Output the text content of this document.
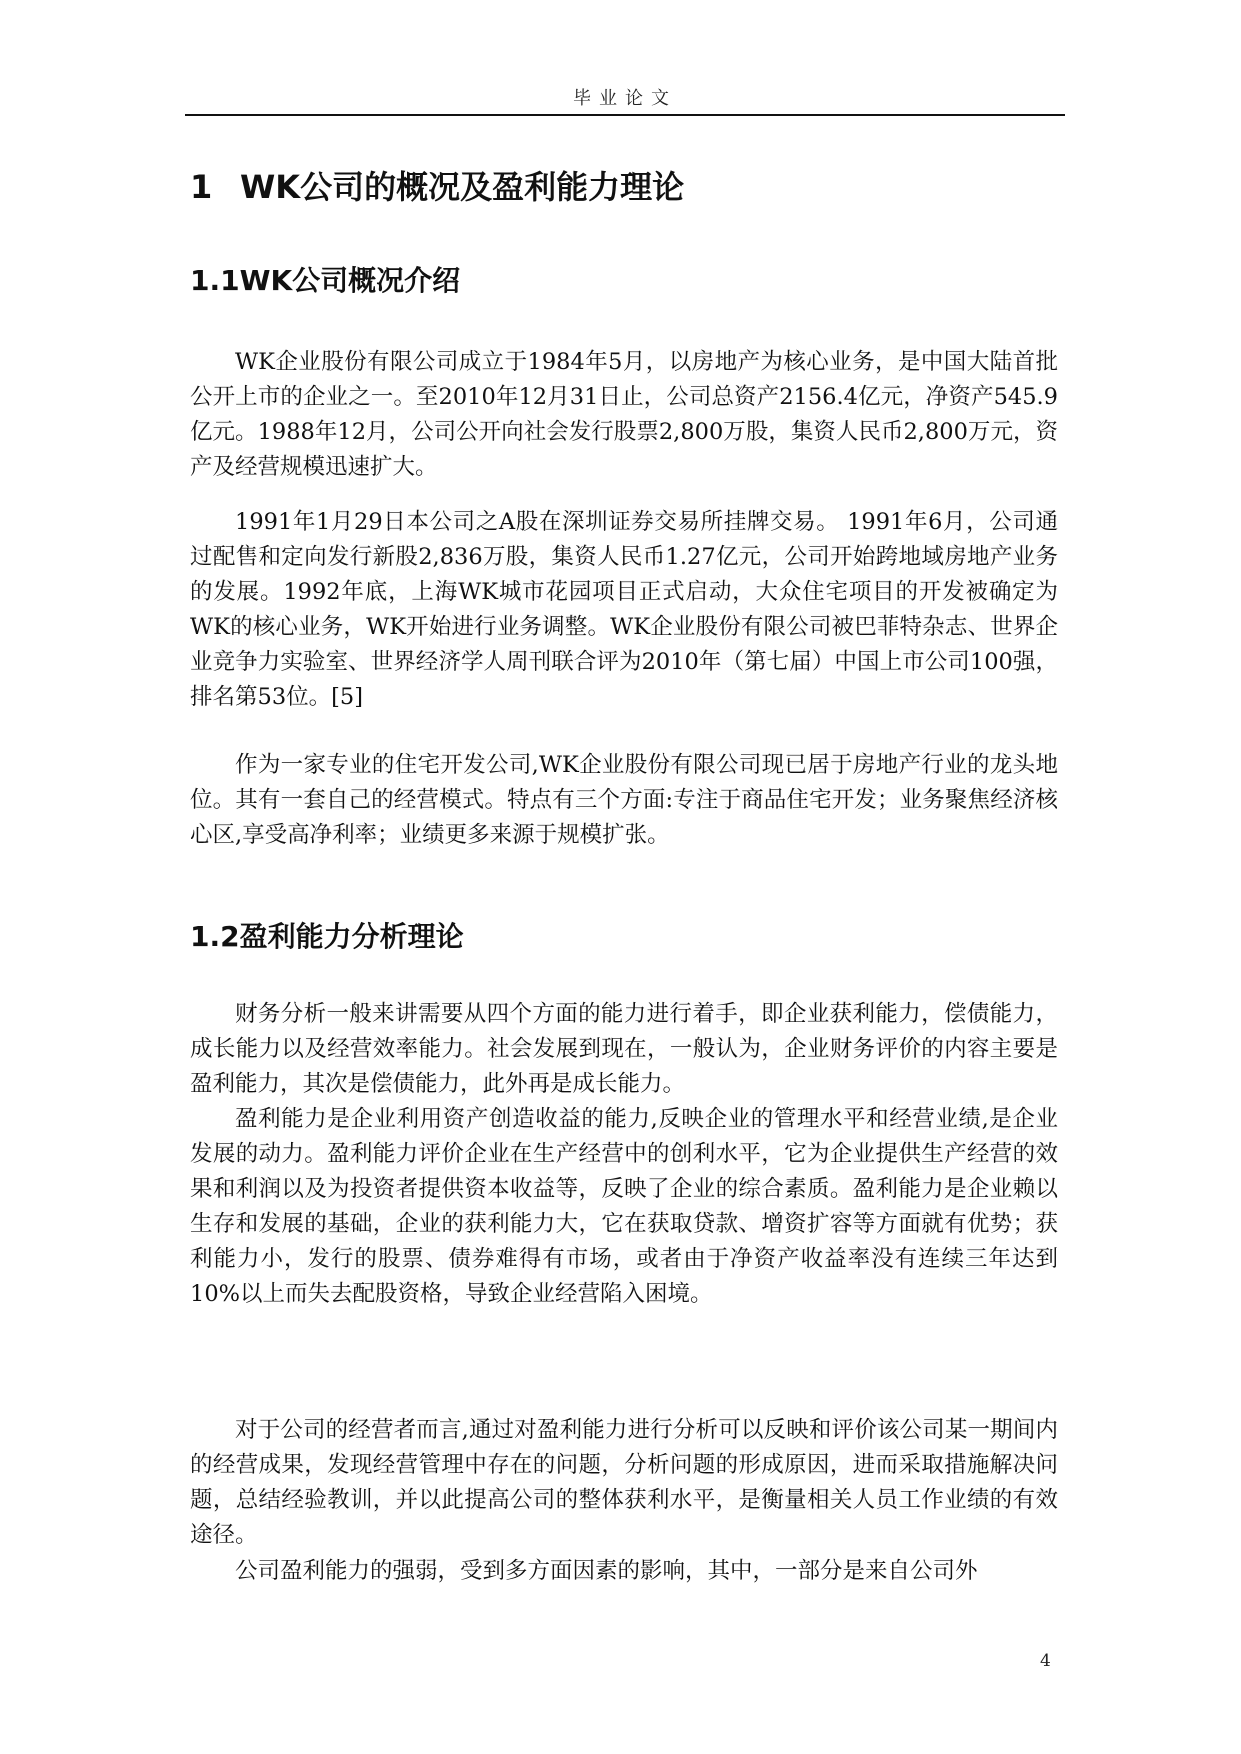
毕业论文
1 WK公司的概况及盈利能力理论
1.1WK公司概况介绍

WK企业股份有限公司成立于1984年5月，以房地产为核心业务，是中国大陆首批公开上市的企业之一。至2010年12月31日止，公司总资产2156.4亿元，净资产545.9亿元。1988年12月，公司公开向社会发行股票2,800万股，集资人民币2,800万元，资产及经营规模迅速扩大。

1991年1月29日本公司之A股在深圳证券交易所挂牌交易。 1991年6月，公司通过配售和定向发行新股2,836万股，集资人民币1.27亿元，公司开始跨地域房地产业务的发展。1992年底，上海WK城市花园项目正式启动，大众住宅项目的开发被确定为WK的核心业务，WK开始进行业务调整。WK企业股份有限公司被巴菲特杂志、世界企业竞争力实验室、世界经济学人周刊联合评为2010年（第七届）中国上市公司100强，排名第53位。[5]

作为一家专业的住宅开发公司,WK企业股份有限公司现已居于房地产行业的龙头地位。其有一套自己的经营模式。特点有三个方面:专注于商品住宅开发；业务聚焦经济核心区,享受高净利率；业绩更多来源于规模扩张。

1.2盈利能力分析理论

财务分析一般来讲需要从四个方面的能力进行着手，即企业获利能力，偿债能力，成长能力以及经营效率能力。社会发展到现在，一般认为，企业财务评价的内容主要是盈利能力，其次是偿债能力，此外再是成长能力。

盈利能力是企业利用资产创造收益的能力,反映企业的管理水平和经营业绩,是企业发展的动力。盈利能力评价企业在生产经营中的创利水平，它为企业提供生产经营的效果和利润以及为投资者提供资本收益等，反映了企业的综合素质。盈利能力是企业赖以生存和发展的基础，企业的获利能力大，它在获取贷款、增资扩容等方面就有优势；获利能力小，发行的股票、债券难得有市场，或者由于净资产收益率没有连续三年达到10%以上而失去配股资格，导致企业经营陷入困境。

对于公司的经营者而言,通过对盈利能力进行分析可以反映和评价该公司某一期间内的经营成果，发现经营管理中存在的问题，分析问题的形成原因，进而采取措施解决问题，总结经验教训，并以此提高公司的整体获利水平，是衡量相关人员工作业绩的有效途径。

公司盈利能力的强弱，受到多方面因素的影响，其中，一部分是来自公司外

4
